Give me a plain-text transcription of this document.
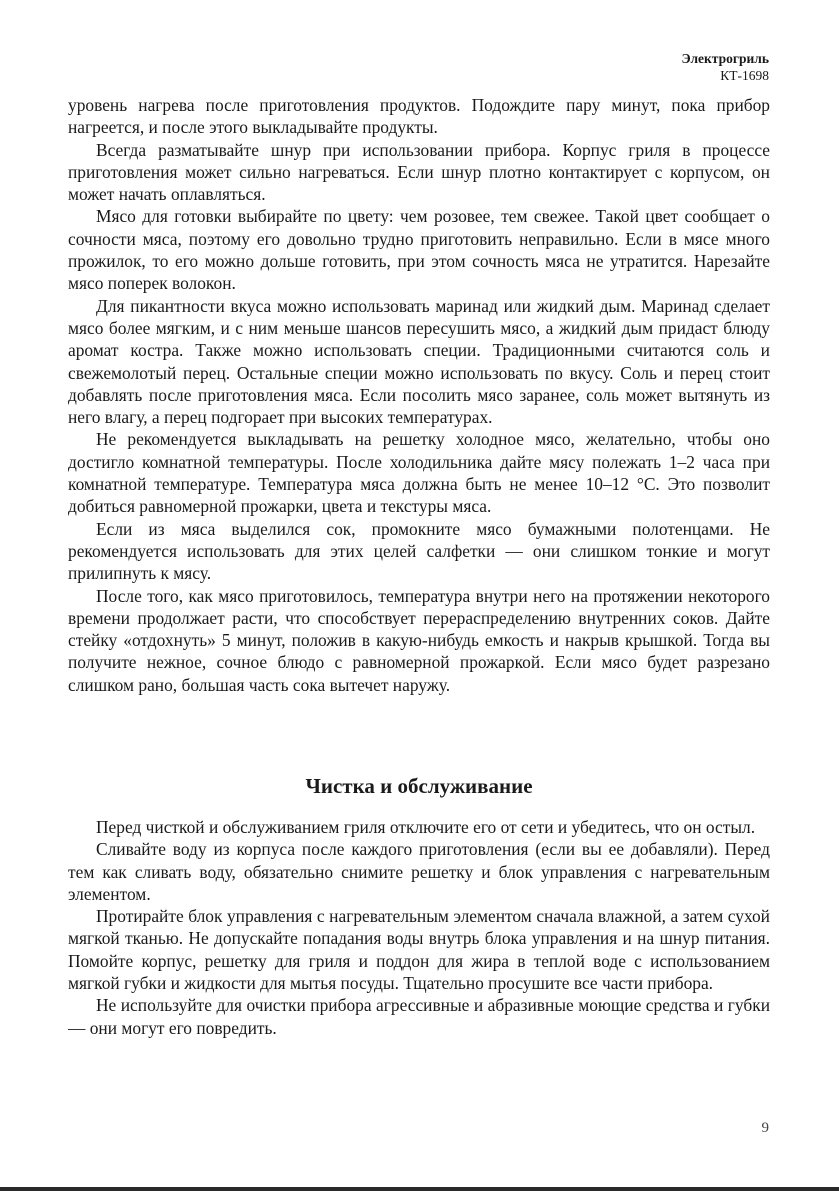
Электрогриль
КТ-1698

уровень нагрева после приготовления продуктов. Подождите пару минут, пока прибор нагреется, и после этого выкладывайте продукты.

Всегда разматывайте шнур при использовании прибора. Корпус гриля в процессе приготовления может сильно нагреваться. Если шнур плотно контактирует с корпусом, он может начать оплавляться.

Мясо для готовки выбирайте по цвету: чем розовее, тем свежее. Такой цвет сообщает о сочности мяса, поэтому его довольно трудно приготовить неправильно. Если в мясе много прожилок, то его можно дольше готовить, при этом сочность мяса не утратится. Нарезайте мясо поперек волокон.

Для пикантности вкуса можно использовать маринад или жидкий дым. Маринад сделает мясо более мягким, и с ним меньше шансов пересушить мясо, а жидкий дым придаст блюду аромат костра. Также можно использовать специи. Традиционными считаются соль и свежемолотый перец. Остальные специи можно использовать по вкусу. Соль и перец стоит добавлять после приготовления мяса. Если посолить мясо заранее, соль может вытянуть из него влагу, а перец подгорает при высоких температурах.

Не рекомендуется выкладывать на решетку холодное мясо, желательно, чтобы оно достигло комнатной температуры. После холодильника дайте мясу полежать 1–2 часа при комнатной температуре. Температура мяса должна быть не менее 10–12 °С. Это позволит добиться равномерной прожарки, цвета и текстуры мяса.

Если из мяса выделился сок, промокните мясо бумажными полотенцами. Не рекомендуется использовать для этих целей салфетки — они слишком тонкие и могут прилипнуть к мясу.

После того, как мясо приготовилось, температура внутри него на протяжении некоторого времени продолжает расти, что способствует перераспределению внутренних соков. Дайте стейку «отдохнуть» 5 минут, положив в какую-нибудь емкость и накрыв крышкой. Тогда вы получите нежное, сочное блюдо с равномерной прожаркой. Если мясо будет разрезано слишком рано, большая часть сока вытечет наружу.

Чистка и обслуживание

Перед чисткой и обслуживанием гриля отключите его от сети и убедитесь, что он остыл.

Сливайте воду из корпуса после каждого приготовления (если вы ее добавляли). Перед тем как сливать воду, обязательно снимите решетку и блок управления с нагревательным элементом.

Протирайте блок управления с нагревательным элементом сначала влажной, а затем сухой мягкой тканью. Не допускайте попадания воды внутрь блока управления и на шнур питания. Помойте корпус, решетку для гриля и поддон для жира в теплой воде с использованием мягкой губки и жидкости для мытья посуды. Тщательно просушите все части прибора.

Не используйте для очистки прибора агрессивные и абразивные моющие средства и губки — они могут его повредить.

9
